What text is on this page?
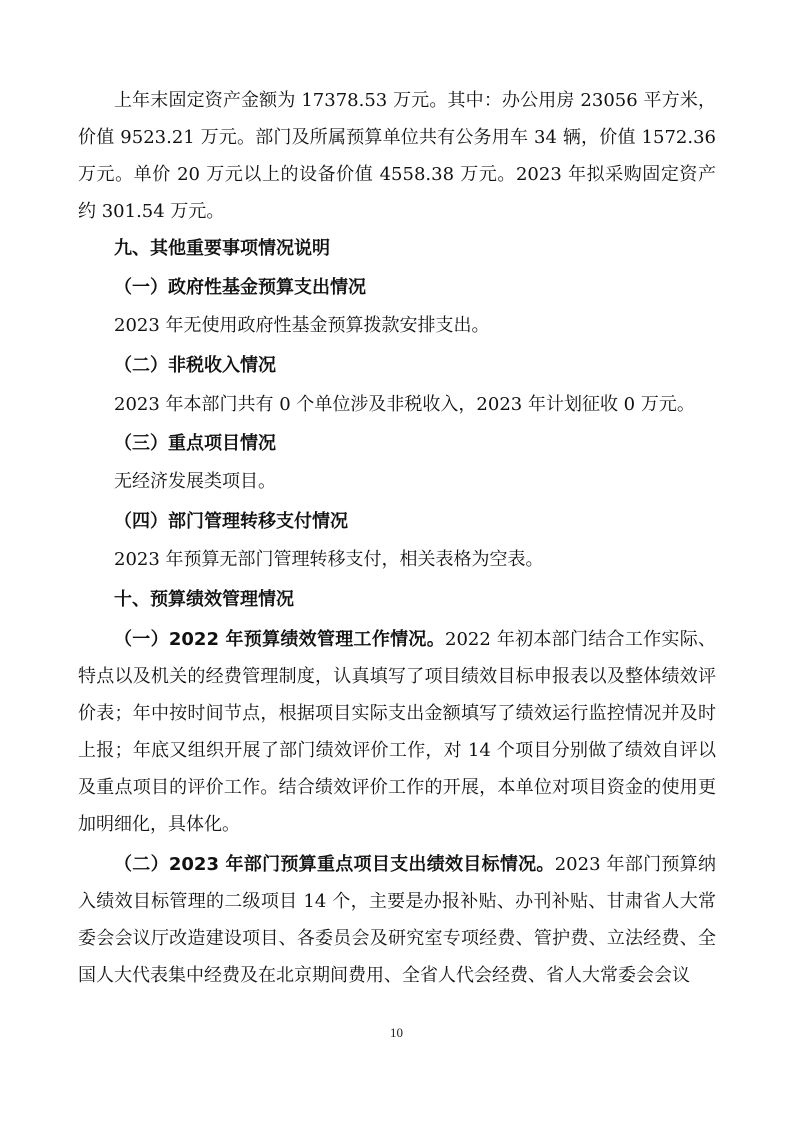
上年末固定资产金额为 17378.53 万元。其中：办公用房 23056 平方米，价值 9523.21 万元。部门及所属预算单位共有公务用车 34 辆，价值 1572.36 万元。单价 20 万元以上的设备价值 4558.38 万元。2023 年拟采购固定资产约 301.54 万元。

九、其他重要事项情况说明

（一）政府性基金预算支出情况

2023 年无使用政府性基金预算拨款安排支出。

（二）非税收入情况

2023 年本部门共有 0 个单位涉及非税收入，2023 年计划征收 0 万元。

（三）重点项目情况

无经济发展类项目。

（四）部门管理转移支付情况

2023 年预算无部门管理转移支付，相关表格为空表。

十、预算绩效管理情况

（一）2022 年预算绩效管理工作情况。2022 年初本部门结合工作实际、特点以及机关的经费管理制度，认真填写了项目绩效目标申报表以及整体绩效评价表；年中按时间节点，根据项目实际支出金额填写了绩效运行监控情况并及时上报；年底又组织开展了部门绩效评价工作，对 14 个项目分别做了绩效自评以及重点项目的评价工作。结合绩效评价工作的开展，本单位对项目资金的使用更加明细化，具体化。

（二）2023 年部门预算重点项目支出绩效目标情况。2023 年部门预算纳入绩效目标管理的二级项目 14 个，主要是办报补贴、办刊补贴、甘肃省人大常委会会议厅改造建设项目、各委员会及研究室专项经费、管护费、立法经费、全国人大代表集中经费及在北京期间费用、全省人代会经费、省人大常委会会议

10
